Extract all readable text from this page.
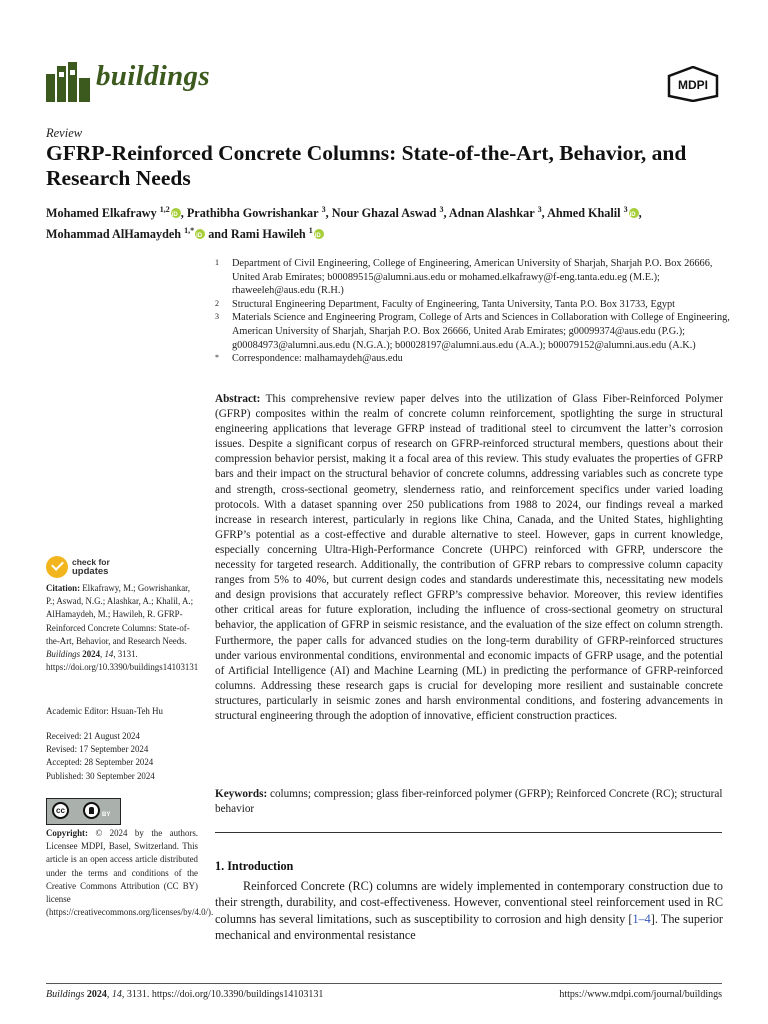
buildings	MDPI
Review
GFRP-Reinforced Concrete Columns: State-of-the-Art, Behavior, and Research Needs
Mohamed Elkafrawy $^{1,2}$ iD , Prathibha Gowrishankar $^3$, Nour Ghazal Aswad $^3$, Adnan Alashkar $^3$, Ahmed Khalil $^3$ iD ,
Mohammad AlHamaydeh $^{1,*}$iD and Rami Hawileh $^1$iD
1 Department of Civil Engineering, College of Engineering, American University of Sharjah, Sharjah P.O. Box 26666, United Arab Emirates; b00089515@alumni.aus.edu or mohamed.elkafrawy@f-eng.tanta.edu.eg (M.E.); rhaweeleh@aus.edu (R.H.)
2 Structural Engineering Department, Faculty of Engineering, Tanta University, Tanta P.O. Box 31733, Egypt
3 Materials Science and Engineering Program, College of Arts and Sciences in Collaboration with College of Engineering, American University of Sharjah, Sharjah P.O. Box 26666, United Arab Emirates; g00099374@aus.edu (P.G.); g00084973@alumni.aus.edu (N.G.A.); b00028197@alumni.aus.edu (A.A.); b00079152@alumni.aus.edu (A.K.)
* Correspondence: malhamaydeh@aus.edu
Abstract: This comprehensive review paper delves into the utilization of Glass Fiber-Reinforced Polymer (GFRP) composites within the realm of concrete column reinforcement, spotlighting the surge in structural engineering applications that leverage GFRP instead of traditional steel to circumvent the latter’s corrosion issues. Despite a significant corpus of research on GFRP-reinforced structural members, questions about their compression behavior persist, making it a focal area of this review. This study evaluates the properties of GFRP bars and their impact on the structural behavior of concrete columns, addressing variables such as concrete type and strength, cross-sectional geometry, slenderness ratio, and reinforcement specifics under varied loading protocols. With a dataset spanning over 250 publications from 1988 to 2024, our findings reveal a marked increase in research interest, particularly in regions like China, Canada, and the United States, highlighting GFRP’s potential as a cost-effective and durable alternative to steel. However, gaps in current knowledge, especially concerning Ultra-High-Performance Concrete (UHPC) reinforced with GFRP, underscore the necessity for targeted research. Additionally, the contribution of GFRP rebars to compressive column capacity ranges from 5% to 40%, but current design codes and standards underestimate this, necessitating new models and design provisions that accurately reflect GFRP’s compressive behavior. Moreover, this review identifies other critical areas for future exploration, including the influence of cross-sectional geometry on structural behavior, the application of GFRP in seismic resistance, and the evaluation of the size effect on column strength. Furthermore, the paper calls for advanced studies on the long-term durability of GFRP-reinforced structures under various environmental conditions, environmental and economic impacts of GFRP usage, and the potential of Artificial Intelligence (AI) and Machine Learning (ML) in predicting the performance of GFRP-reinforced columns. Addressing these research gaps is crucial for developing more resilient and sustainable concrete structures, particularly in seismic zones and harsh environmental conditions, and fostering advancements in structural engineering through the adoption of innovative, efficient construction practices.
Keywords: columns; compression; glass fiber-reinforced polymer (GFRP); Reinforced Concrete (RC); structural behavior
check for
updates
Citation: Elkafrawy, M.; Gowrishankar, P.; Aswad, N.G.; Alashkar, A.; Khalil, A.; AlHamaydeh, M.; Hawileh, R. GFRP-Reinforced Concrete Columns: State-of-the-Art, Behavior, and Research Needs. Buildings 2024, 14, 3131. https://doi.org/10.3390/buildings14103131
Academic Editor: Hsuan-Teh Hu
Received: 21 August 2024
Revised: 17 September 2024
Accepted: 28 September 2024
Published: 30 September 2024
cc	BY
Copyright: © 2024 by the authors. Licensee MDPI, Basel, Switzerland. This article is an open access article distributed under the terms and conditions of the Creative Commons Attribution (CC BY) license (https://creativecommons.org/licenses/by/4.0/).
1. Introduction
Reinforced Concrete (RC) columns are widely implemented in contemporary construction due to their strength, durability, and cost-effectiveness. However, conventional steel reinforcement used in RC columns has several limitations, such as susceptibility to corrosion and high density [1–4]. The superior mechanical and environmental resistance
Buildings 2024, 14, 3131. https://doi.org/10.3390/buildings14103131	https://www.mdpi.com/journal/buildings
